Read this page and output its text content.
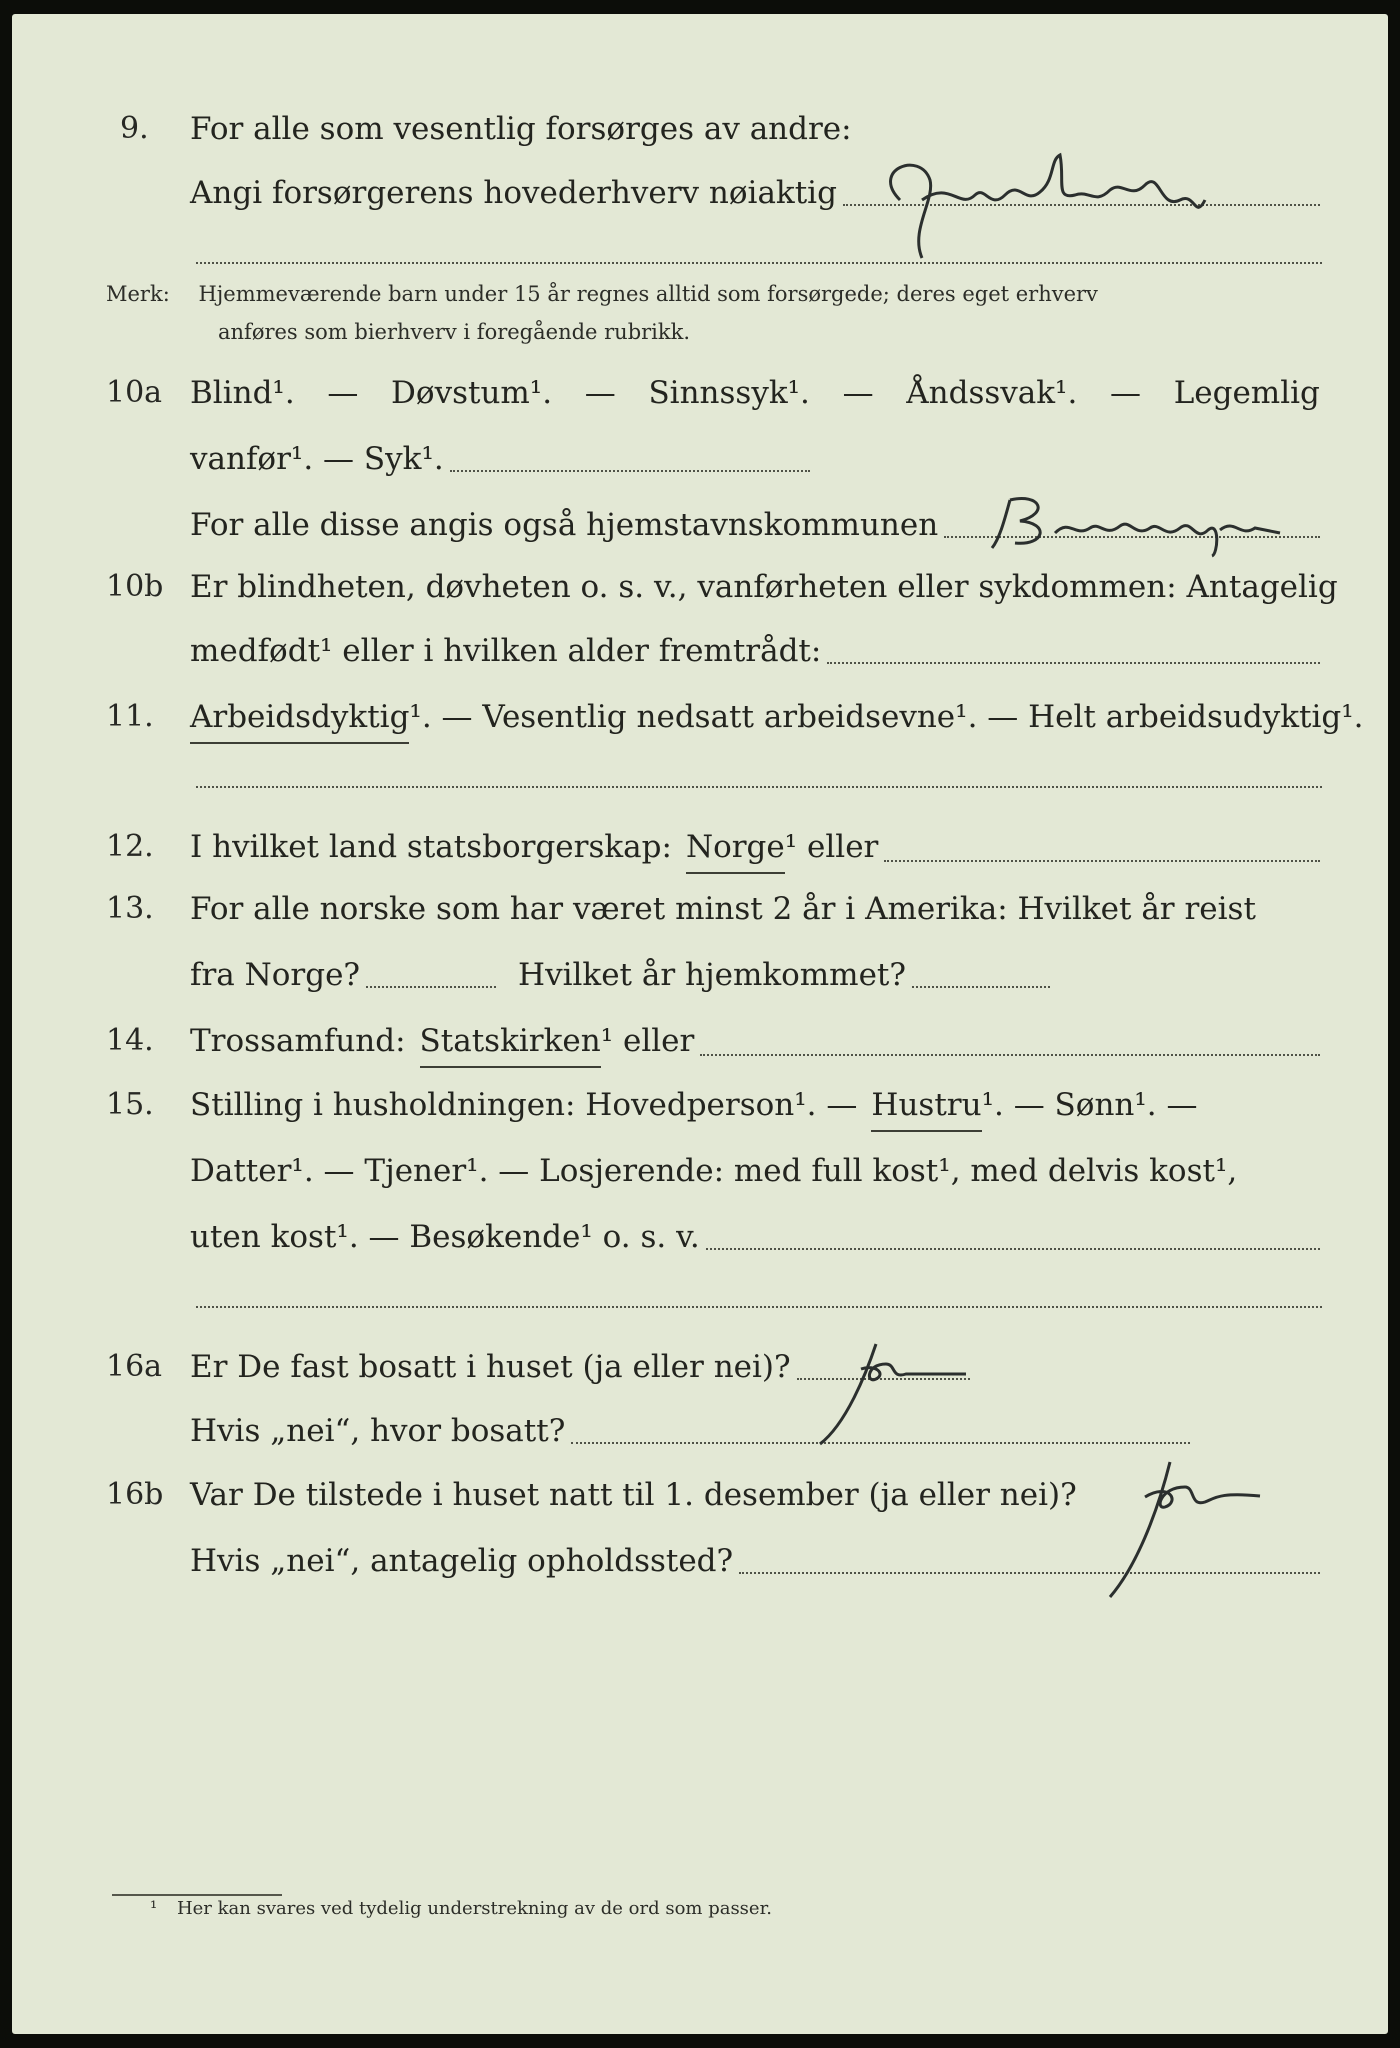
9. For alle som vesentlig forsørges av andre:
Angi forsørgerens hovederhverv nøiaktig
Merk: Hjemmeværende barn under 15 år regnes alltid som forsørgede; deres eget erhverv
anføres som bierhverv i foregående rubrikk.
10a Blind¹. — Døvstum¹. — Sinnssyk¹. — Åndssvak¹. — Legemlig
vanfør¹. — Syk¹.
For alle disse angis også hjemstavnskommunen
10b Er blindheten, døvheten o. s. v., vanførheten eller sykdommen: Antagelig
medfødt¹ eller i hvilken alder fremtrådt:
11. Arbeidsdyktig ¹. — Vesentlig nedsatt arbeidsevne¹. — Helt arbeidsudyktig¹.
12. I hvilket land statsborgerskap: Norge ¹ eller
13. For alle norske som har været minst 2 år i Amerika: Hvilket år reist
fra Norge?	Hvilket år hjemkommet?
14. Trossamfund: Statskirken ¹ eller
15. Stilling i husholdningen: Hovedperson¹. — Hustru ¹. — Sønn¹. —
Datter¹. — Tjener¹. — Losjerende: med full kost¹, med delvis kost¹,
uten kost¹. — Besøkende¹ o. s. v.
16a Er De fast bosatt i huset (ja eller nei)?
Hvis „nei“, hvor bosatt?
16b Var De tilstede i huset natt til 1. desember (ja eller nei)?
Hvis „nei“, antagelig opholdssted?
¹ Her kan svares ved tydelig understrekning av de ord som passer.
